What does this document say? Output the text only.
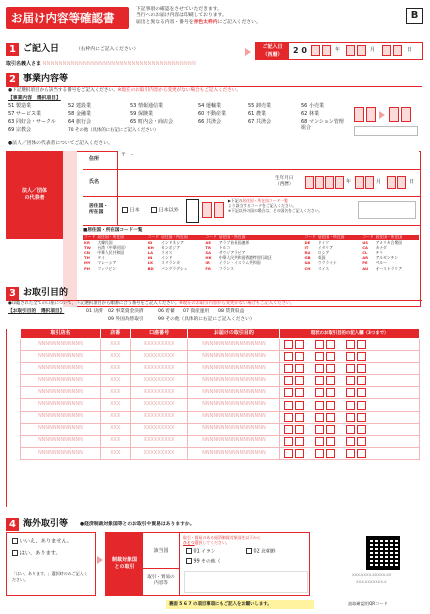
お届け内容等確認書
下記事項の確認をさせていただきます。
当行へのお届け内容は印刷しております。
届出と異なる内容・番号を赤色太枠内にご記入ください。
B
1 ご記入日	（右枠内にご記入ください）	ご記入日
（西暦）	2 0	年	月	日
取引名義人さま NNNNNNNNNNNNNNNNNNNNNNNNNNNNNNNNNNNNNN
2 事業内容等
●下記選択項目から該当する番号をご記入ください。※現在のお取引内容から変更がない場合もご記入ください。
【事業内容　選択項目】
51 製造業	52 建設業	53 情報通信業	54 運輸業	55 卸売業	56 小売業
57 サービス業	58 金融業	59 保険業	60 不動産業	61 農業	62 林業
63 同好会・サークル 64 旅行会	65 町内会・商店会	66 共済会	67 共済会	68 マンション管理組合
69 宗教会	70 その他（具体的に右記にご記入ください）
●法人／団体の代表者についてご記入ください。
法人／団体
の代表者
住所
〒　-
氏名
生年月日
（西暦）	年	月	日
居住国・
所在国	日本	日本以外
▶下記の居住国・所在国コード一覧
より該当するコードをご記入ください。
※下記以外の国の場合は、その国名をご記入ください。
■居住国・所在国コード一覧
コード	居住国・所在国	コード	居住国・所在国	コード	居住国・所在国	コード	居住国・所在国	コード	居住国・所在国
KR	大韓民国	ID	インドネシア	AE	アラブ首長国連邦	DE	ドイツ	US	アメリカ合衆国
TW	台湾（中華民国）	KH	カンボジア	TR	トルコ	IT	イタリア	CA	カナダ
CN	中華人民共和国	LA	ラオス	SA	サウジアラビア	RU	ロシア	CL	チリ
TH	タイ	IN	インド	HK	中華人民共和国香港特別行政区	GB	英国	AR	アルゼンチン
MY	マレーシア	LK	スリランカ	IR	イラン・イスラム共和国	UA	ウクライナ	PE	ペルー
PH	フィリピン	BD	バングラデシュ	FR	フランス	CH	スイス	AU	オーストラリア
3 お取引目的
●印鑑された全ての口座について、下記選択項目から順番に合う番号をご記入ください。※現在のお取引内容から変更がない場合もご記入ください。
【お取引目的　選択項目】	01 決済 02 事業資金決済	06 貯蓄 07 資産運用 08 賃貸収益
09 外国為替取引	99 その他（具体的に右記にご記入ください）
取引店名	店番	口座番号	お届けの取引目的	現状のお取引目的の記入欄（3つまで）
NNNNNNNNNNNN	XXX	XXXXXXXXX	NNNNNNNNNNNNNNNNN	
NNNNNNNNNNNN	XXX	XXXXXXXXX	NNNNNNNNNNNNNNNNN	
NNNNNNNNNNNN	XXX	XXXXXXXXX	NNNNNNNNNNNNNNNNN	
NNNNNNNNNNNN	XXX	XXXXXXXXX	NNNNNNNNNNNNNNNNN	
NNNNNNNNNNNN	XXX	XXXXXXXXX	NNNNNNNNNNNNNNNNN	
NNNNNNNNNNNN	XXX	XXXXXXXXX	NNNNNNNNNNNNNNNNN	
NNNNNNNNNNNN	XXX	XXXXXXXXX	NNNNNNNNNNNNNNNNN	
NNNNNNNNNNNN	XXX	XXXXXXXXX	NNNNNNNNNNNNNNNNN	
NNNNNNNNNNNN	XXX	XXXXXXXXX	NNNNNNNNNNNNNNNNN	
NNNNNNNNNNNN	XXX	XXXXXXXXX	NNNNNNNNNNNNNNNNN	
4 海外取引等 ●経済制裁対象国等とのお取引や貿易はありますか。
いいえ、ありません。
はい、あります。
「はい、あります。」選択時のみご記入ください。
制裁対象国
との取引
該当国
取引・貿易の
内容等
取引・貿易のある経済制裁対象国を以下から
ひとつ選択してください。
01 イラン	02 北朝鮮
99 その他（
裏面 5 6 7 の項目事項にもご記入をお願いします。
XXX-XXXX-XXXXX-XX
XXX-XXXXXXX-X
読取確認用QRコード
